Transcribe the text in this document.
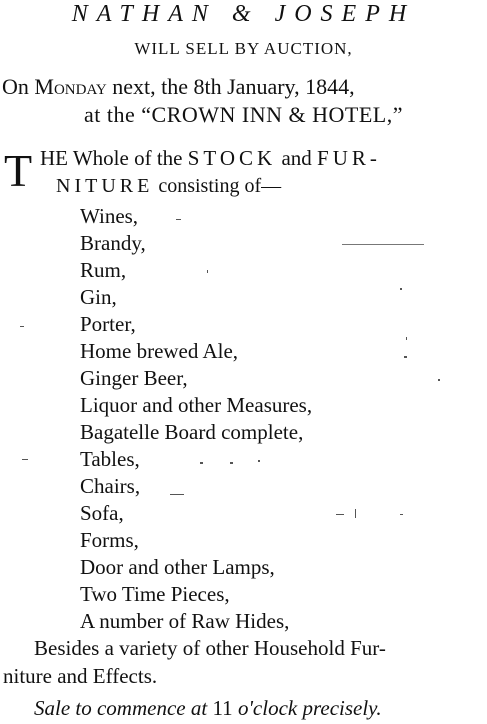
NATHAN & JOSEPH
WILL SELL BY AUCTION,
On Monday next, the 8th January, 1844,
at the “CROWN INN & HOTEL,”
T HE Whole of the STOCK and FUR-
NITURE consisting of—
Wines,
Brandy,
Rum,
Gin,
Porter,
Home brewed Ale,
Ginger Beer,
Liquor and other Measures,
Bagatelle Board complete,
Tables,
Chairs,
Sofa,
Forms,
Door and other Lamps,
Two Time Pieces,
A number of Raw Hides,
Besides a variety of other Household Fur-
niture and Effects.
Sale to commence at 11 o'clock precisely.
